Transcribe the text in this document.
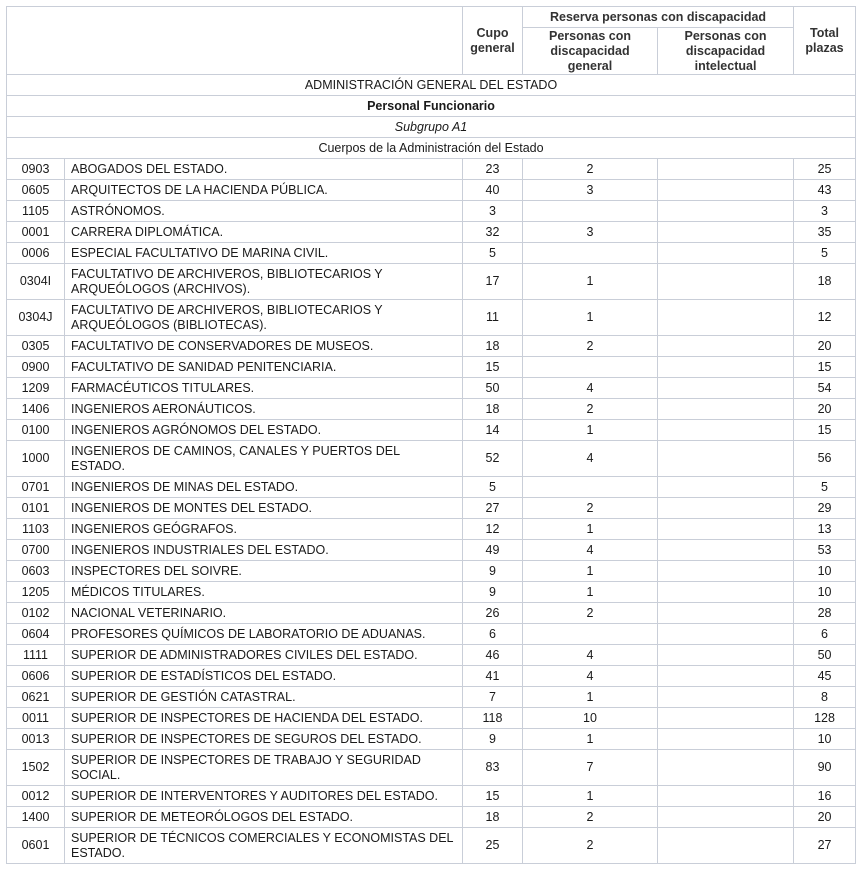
		Cupo general	Reserva personas con discapacidad		Total plazas
			Personas con discapacidad general	Personas con discapacidad intelectual	
ADMINISTRACIÓN GENERAL DEL ESTADO					
Personal Funcionario					
Subgrupo A1					
Cuerpos de la Administración del Estado					
0903	ABOGADOS DEL ESTADO.	23	2		25
0605	ARQUITECTOS DE LA HACIENDA PÚBLICA.	40	3		43
1105	ASTRÓNOMOS.	3			3
0001	CARRERA DIPLOMÁTICA.	32	3		35
0006	ESPECIAL FACULTATIVO DE MARINA CIVIL.	5			5
0304I	FACULTATIVO DE ARCHIVEROS, BIBLIOTECARIOS Y ARQUEÓLOGOS (ARCHIVOS).	17	1		18
0304J	FACULTATIVO DE ARCHIVEROS, BIBLIOTECARIOS Y ARQUEÓLOGOS (BIBLIOTECAS).	11	1		12
0305	FACULTATIVO DE CONSERVADORES DE MUSEOS.	18	2		20
0900	FACULTATIVO DE SANIDAD PENITENCIARIA.	15			15
1209	FARMACÉUTICOS TITULARES.	50	4		54
1406	INGENIEROS AERONÁUTICOS.	18	2		20
0100	INGENIEROS AGRÓNOMOS DEL ESTADO.	14	1		15
1000	INGENIEROS DE CAMINOS, CANALES Y PUERTOS DEL ESTADO.	52	4		56
0701	INGENIEROS DE MINAS DEL ESTADO.	5			5
0101	INGENIEROS DE MONTES DEL ESTADO.	27	2		29
1103	INGENIEROS GEÓGRAFOS.	12	1		13
0700	INGENIEROS INDUSTRIALES DEL ESTADO.	49	4		53
0603	INSPECTORES DEL SOIVRE.	9	1		10
1205	MÉDICOS TITULARES.	9	1		10
0102	NACIONAL VETERINARIO.	26	2		28
0604	PROFESORES QUÍMICOS DE LABORATORIO DE ADUANAS.	6			6
1111	SUPERIOR DE ADMINISTRADORES CIVILES DEL ESTADO.	46	4		50
0606	SUPERIOR DE ESTADÍSTICOS DEL ESTADO.	41	4		45
0621	SUPERIOR DE GESTIÓN CATASTRAL.	7	1		8
0011	SUPERIOR DE INSPECTORES DE HACIENDA DEL ESTADO.	118	10		128
0013	SUPERIOR DE INSPECTORES DE SEGUROS DEL ESTADO.	9	1		10
1502	SUPERIOR DE INSPECTORES DE TRABAJO Y SEGURIDAD SOCIAL.	83	7		90
0012	SUPERIOR DE INTERVENTORES Y AUDITORES DEL ESTADO.	15	1		16
1400	SUPERIOR DE METEORÓLOGOS DEL ESTADO.	18	2		20
0601	SUPERIOR DE TÉCNICOS COMERCIALES Y ECONOMISTAS DEL ESTADO.	25	2		27
